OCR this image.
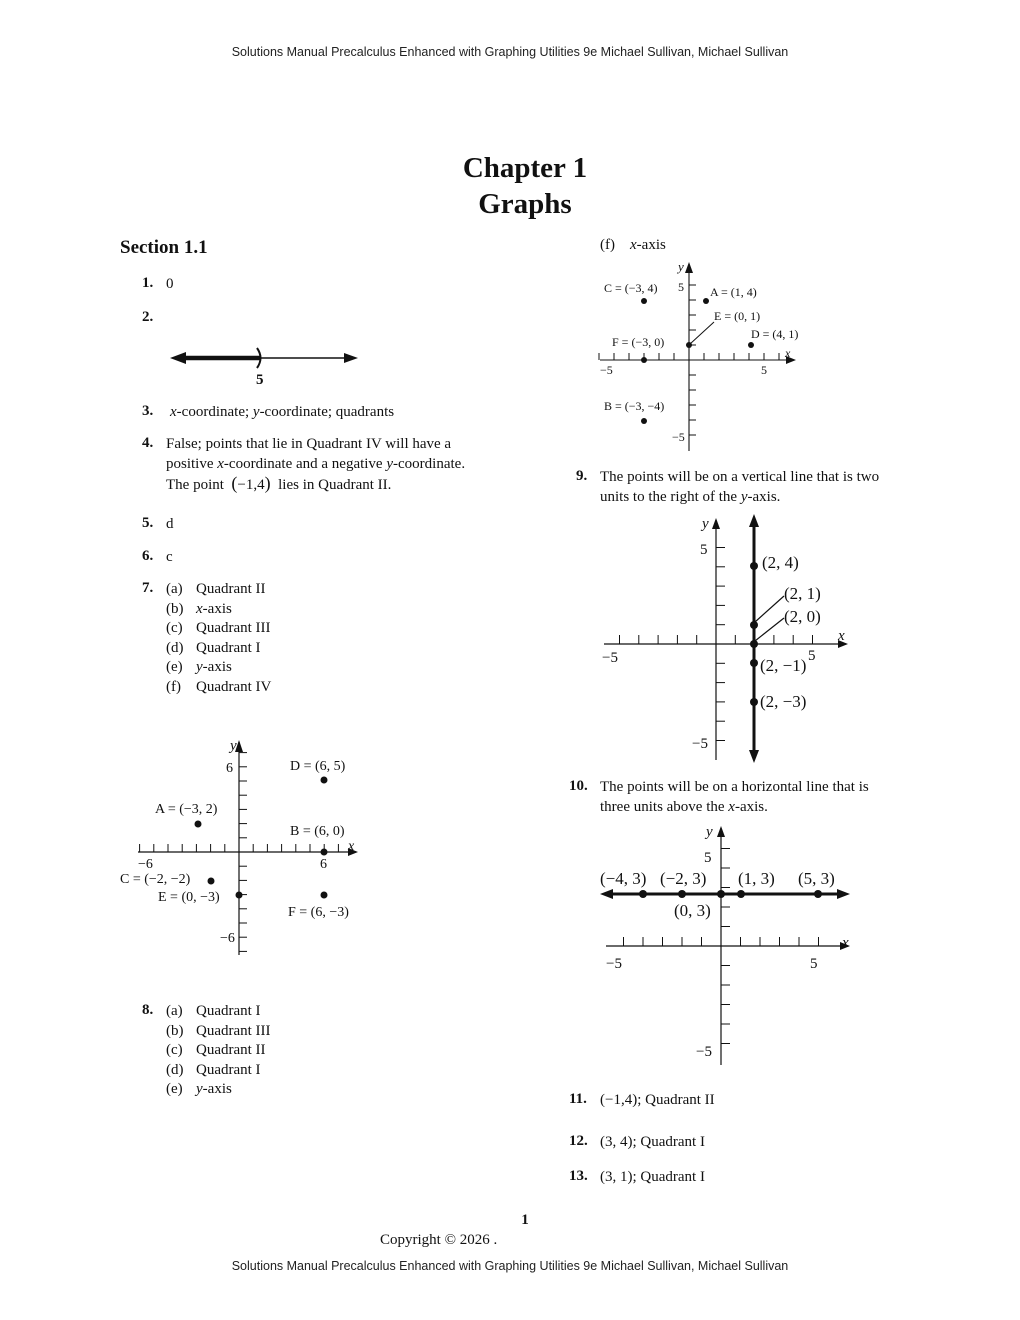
Solutions Manual Precalculus Enhanced with Graphing Utilities 9e Michael Sullivan, Michael Sullivan
Chapter 1
Graphs
Section 1.1
1. 0
2.
5
3. x-coordinate; y-coordinate; quadrants
4. False; points that lie in Quadrant IV will have a
positive x-coordinate and a negative y-coordinate.
The point  (−1,4)  lies in Quadrant II.
5. d
6. c
7. (a) Quadrant II
(b) x-axis
(c) Quadrant III
(d) Quadrant I
(e) y-axis
(f)	Quadrant IV
y
x
−6	6
6
−6
A = (−3, 2)
B = (6, 0)
C = (−2, −2)
D = (6, 5)
E = (0, −3)
F = (6, −3)
8. (a) Quadrant I
(b) Quadrant III
(c) Quadrant II
(d) Quadrant I
(e) y-axis
(f) x-axis
y
x
−5	5
5
−5
A = (1, 4)
B = (−3, −4)
C = (−3, 4)
D = (4, 1)
E = (0, 1)
F = (−3, 0)
9. The points will be on a vertical line that is two
units to the right of the y-axis.
y
x
−5	5
5
−5
(2, 4)
(2, 1)
(2, 0)
(2, −1)
(2, −3)
10. The points will be on a horizontal line that is
three units above the x-axis.
y
x
−5	5
5
−5
(−4, 3) (−2, 3)
(0, 3)
(1, 3) (5, 3)
11. (−1,4); Quadrant II
12. (3, 4); Quadrant I
13. (3, 1); Quadrant I
1
Copyright © 2026 .
Solutions Manual Precalculus Enhanced with Graphing Utilities 9e Michael Sullivan, Michael Sullivan
